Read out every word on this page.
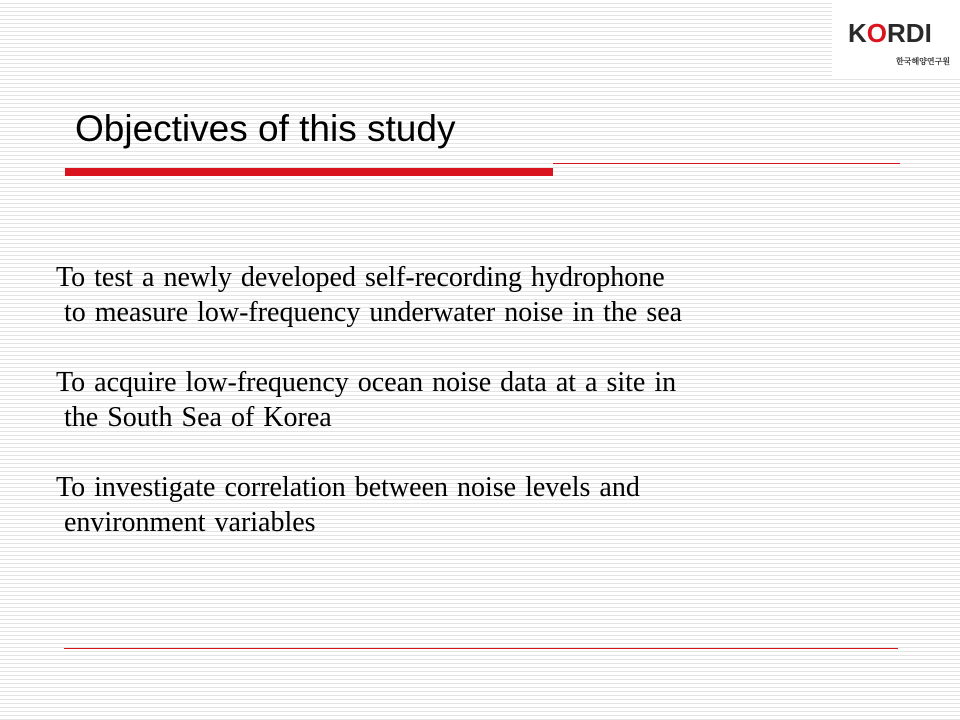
KORDI
한국해양연구원
Objectives of this study
To test a newly developed self-recording hydrophone
to measure low-frequency underwater noise in the sea
To acquire low-frequency ocean noise data at a site in
the South Sea of Korea
To investigate correlation between noise levels and
environment variables
